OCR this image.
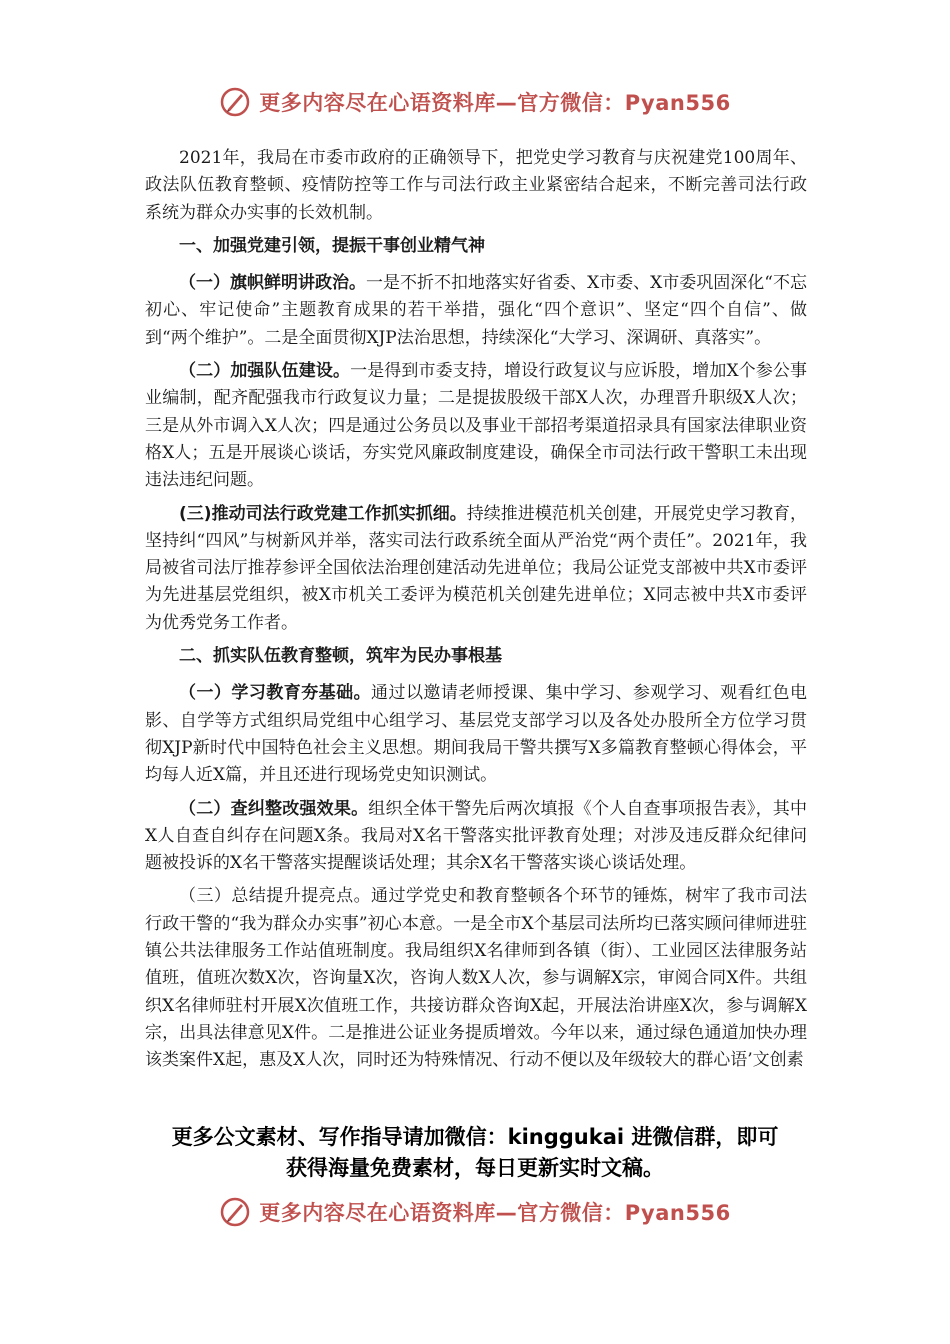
更多内容尽在心语资料库—官方微信：Pyan556

2021年，我局在市委市政府的正确领导下，把党史学习教育与庆祝建党100周年、政法队伍教育整顿、疫情防控等工作与司法行政主业紧密结合起来，不断完善司法行政系统为群众办实事的长效机制。

一、加强党建引领，提振干事创业精气神

（一）旗帜鲜明讲政治。一是不折不扣地落实好省委、X市委、X市委巩固深化“不忘初心、牢记使命”主题教育成果的若干举措，强化“四个意识”、坚定“四个自信”、做到“两个维护”。二是全面贯彻XJP法治思想，持续深化“大学习、深调研、真落实”。

（二）加强队伍建设。一是得到市委支持，增设行政复议与应诉股，增加X个参公事业编制，配齐配强我市行政复议力量；二是提拔股级干部X人次，办理晋升职级X人次；三是从外市调入X人次；四是通过公务员以及事业干部招考渠道招录具有国家法律职业资格X人；五是开展谈心谈话，夯实党风廉政制度建设，确保全市司法行政干警职工未出现违法违纪问题。

(三)推动司法行政党建工作抓实抓细。持续推进模范机关创建，开展党史学习教育，坚持纠“四风”与树新风并举，落实司法行政系统全面从严治党“两个责任”。2021年，我局被省司法厅推荐参评全国依法治理创建活动先进单位；我局公证党支部被中共X市委评为先进基层党组织，被X市机关工委评为模范机关创建先进单位；X同志被中共X市委评为优秀党务工作者。

二、抓实队伍教育整顿，筑牢为民办事根基

（一）学习教育夯基础。通过以邀请老师授课、集中学习、参观学习、观看红色电影、自学等方式组织局党组中心组学习、基层党支部学习以及各处办股所全方位学习贯彻XJP新时代中国特色社会主义思想。期间我局干警共撰写X多篇教育整顿心得体会，平均每人近X篇，并且还进行现场党史知识测试。

（二）查纠整改强效果。组织全体干警先后两次填报《个人自查事项报告表》，其中X人自查自纠存在问题X条。我局对X名干警落实批评教育处理；对涉及违反群众纪律问题被投诉的X名干警落实提醒谈话处理；其余X名干警落实谈心谈话处理。

（三）总结提升提亮点。通过学党史和教育整顿各个环节的锤炼，树牢了我市司法行政干警的“我为群众办实事”初心本意。一是全市X个基层司法所均已落实顾问律师进驻镇公共法律服务工作站值班制度。我局组织X名律师到各镇（街）、工业园区法律服务站值班，值班次数X次，咨询量X次，咨询人数X人次，参与调解X宗，审阅合同X件。共组织X名律师驻村开展X次值班工作，共接访群众咨询X起，开展法治讲座X次，参与调解X宗，出具法律意见X件。二是推进公证业务提质增效。今年以来，通过绿色通道加快办理该类案件X起，惠及X人次，同时还为特殊情况、行动不便以及年级较大的群心语’文创素

更多公文素材、写作指导请加微信：kinggukai 进微信群，即可
获得海量免费素材，每日更新实时文稿。
更多内容尽在心语资料库—官方微信：Pyan556
